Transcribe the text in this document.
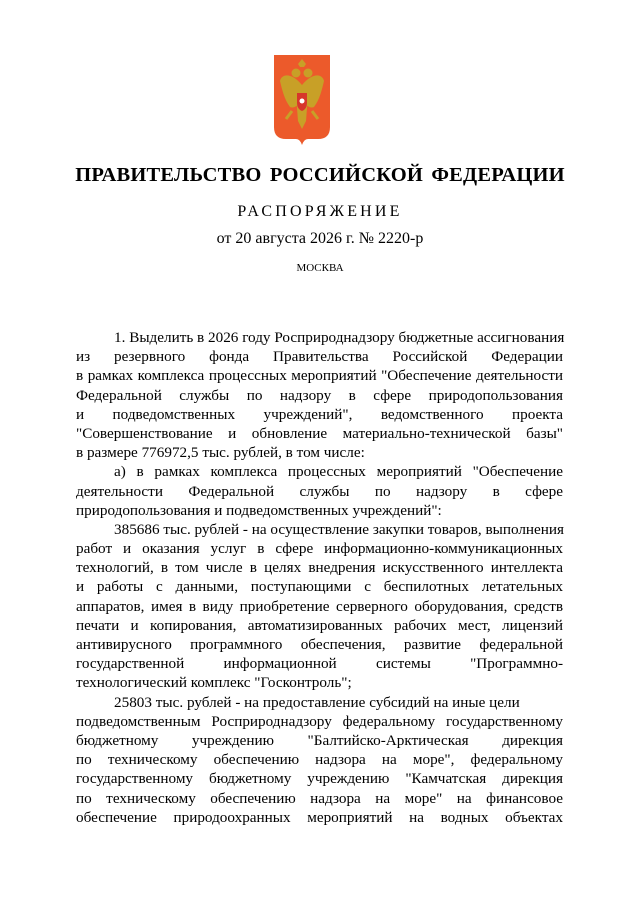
ПРАВИТЕЛЬСТВО РОССИЙСКОЙ ФЕДЕРАЦИИ
РАСПОРЯЖЕНИЕ
от 20 августа 2026 г. № 2220-р
МОСКВА
1. Выделить в 2026 году Росприроднадзору бюджетные ассигнования
из резервного фонда Правительства Российской Федерации
в рамках комплекса процессных мероприятий "Обеспечение деятельности
Федеральной службы по надзору в сфере природопользования
и подведомственных учреждений", ведомственного проекта
"Совершенствование и обновление материально-технической базы"
в размере 776972,5 тыс. рублей, в том числе:
а) в рамках комплекса процессных мероприятий "Обеспечение
деятельности Федеральной службы по надзору в сфере
природопользования и подведомственных учреждений":
385686 тыс. рублей - на осуществление закупки товаров, выполнения
работ и оказания услуг в сфере информационно-коммуникационных
технологий, в том числе в целях внедрения искусственного интеллекта
и работы с данными, поступающими с беспилотных летательных
аппаратов, имея в виду приобретение серверного оборудования, средств
печати и копирования, автоматизированных рабочих мест, лицензий
антивирусного программного обеспечения, развитие федеральной
государственной информационной системы "Программно-
технологический комплекс "Госконтроль";
25803 тыс. рублей - на предоставление субсидий на иные цели
подведомственным Росприроднадзору федеральному государственному
бюджетному учреждению "Балтийско-Арктическая дирекция
по техническому обеспечению надзора на море", федеральному
государственному бюджетному учреждению "Камчатская дирекция
по техническому обеспечению надзора на море" на финансовое
обеспечение природоохранных мероприятий на водных объектах
